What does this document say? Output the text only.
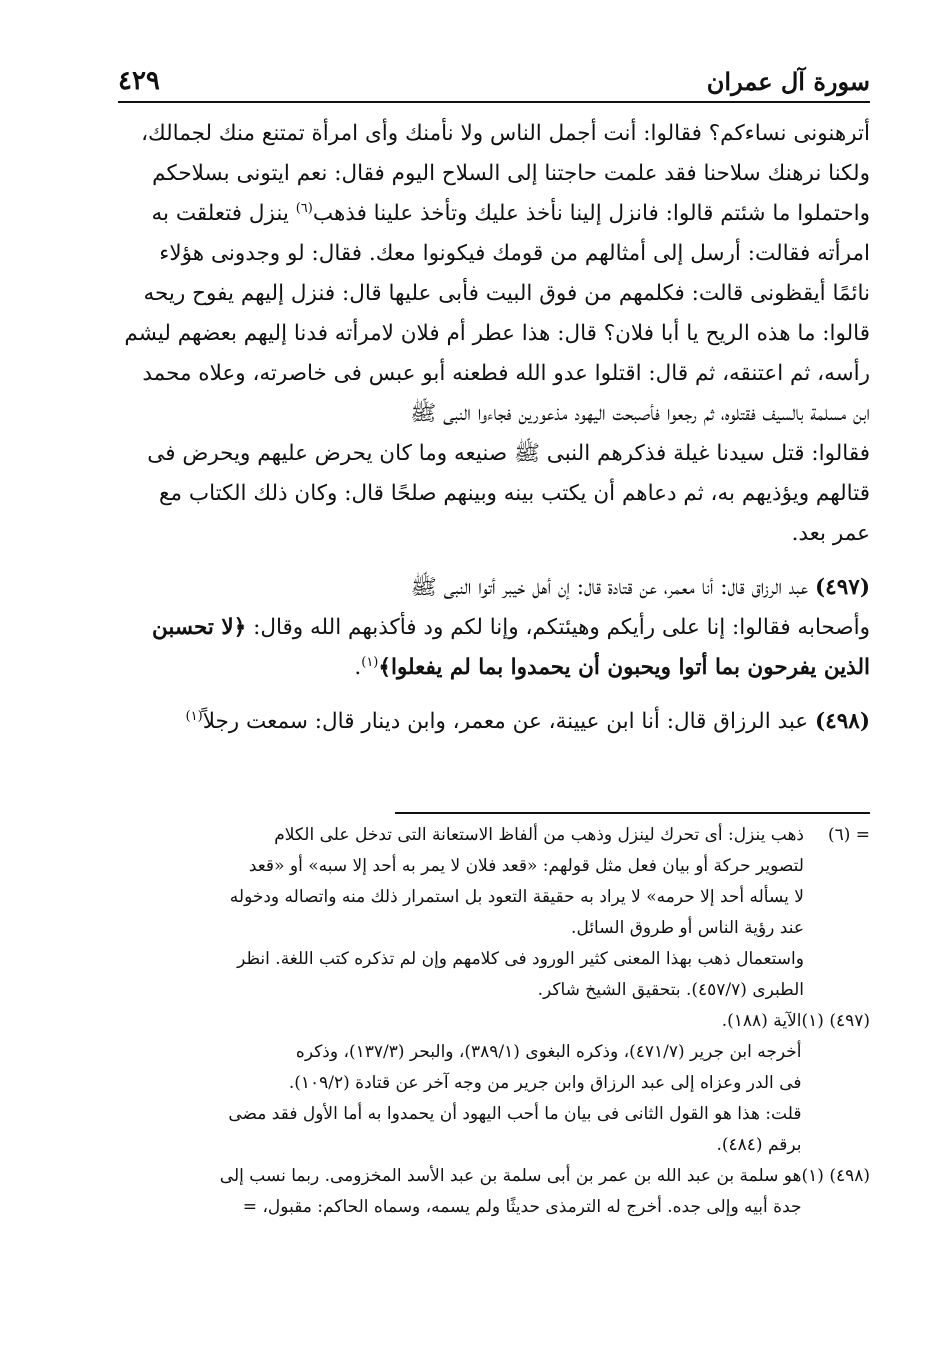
٤٢٩	سورة آل عمران

أترهنونى نساءكم؟ فقالوا: أنت أجمل الناس ولا نأمنك وأى امرأة تمتنع منك لجمالك،

ولكنا نرهنك سلاحنا فقد علمت حاجتنا إلى السلاح اليوم فقال: نعم ايتونى بسلاحكم

واحتملوا ما شئتم قالوا: فانزل إلينا نأخذ عليك وتأخذ علينا فذهب$^{(٦)}$ ينزل فتعلقت به

امرأته فقالت: أرسل إلى أمثالهم من قومك فيكونوا معك. فقال: لو وجدونى هؤلاء

نائمًا أيقظونى قالت: فكلمهم من فوق البيت فأبى عليها قال: فنزل إليهم يفوح ريحه

قالوا: ما هذه الريح يا أبا فلان؟ قال: هذا عطر أم فلان لامرأته فدنا إليهم بعضهم ليشم

رأسه، ثم اعتنقه، ثم قال: اقتلوا عدو الله فطعنه أبو عبس فى خاصرته، وعلاه محمد

ابن مسلمة بالسيف فقتلوه، ثم رجعوا فأصبحت اليهود مذعورين فجاءوا النبى ﷺ

فقالوا: قتل سيدنا غيلة فذكرهم النبى ﷺ صنيعه وما كان يحرض عليهم ويحرض فى

قتالهم ويؤذيهم به، ثم دعاهم أن يكتب بينه وبينهم صلحًا قال: وكان ذلك الكتاب مع

عمر بعد.

(٤٩٧) عبد الرزاق قال: أنا معمر، عن قتادة قال: إن أهل خيبر أتوا النبى ﷺ

وأصحابه فقالوا: إنا على رأيكم وهيئتكم، وإنا لكم ود فأكذبهم الله وقال: ﴿لا تحسبن

الذين يفرحون بما أتوا ويحبون أن يحمدوا بما لم يفعلوا﴾$^{(١)}$.

(٤٩٨) عبد الرزاق قال: أنا ابن عيينة، عن معمر، وابن دينار قال: سمعت رجلاً$^{(١)}$

= (٦)

ذهب ينزل: أى تحرك لينزل وذهب من ألفاظ الاستعانة التى تدخل على الكلام

لتصوير حركة أو بيان فعل مثل قولهم: «قعد فلان لا يمر به أحد إلا سبه» أو «قعد

لا يسأله أحد إلا حرمه» لا يراد به حقيقة التعود بل استمرار ذلك منه واتصاله ودخوله

عند رؤية الناس أو طروق السائل.

واستعمال ذهب بهذا المعنى كثير الورود فى كلامهم وإن لم تذكره كتب اللغة. انظر

الطبرى (٤٥٧/٧). بتحقيق الشيخ شاكر.

(٤٩٧) (١)

الآية (١٨٨).

أخرجه ابن جرير (٤٧١/٧)، وذكره البغوى (٣٨٩/١)، والبحر (١٣٧/٣)، وذكره

فى الدر وعزاه إلى عبد الرزاق وابن جرير من وجه آخر عن قتادة (١٠٩/٢).

قلت: هذا هو القول الثانى فى بيان ما أحب اليهود أن يحمدوا به أما الأول فقد مضى

برقم (٤٨٤).

(٤٩٨) (١)

هو سلمة بن عبد الله بن عمر بن أبى سلمة بن عبد الأسد المخزومى. ربما نسب إلى

جدة أبيه وإلى جده. أخرج له الترمذى حديثًا ولم يسمه، وسماه الحاكم: مقبول، =
